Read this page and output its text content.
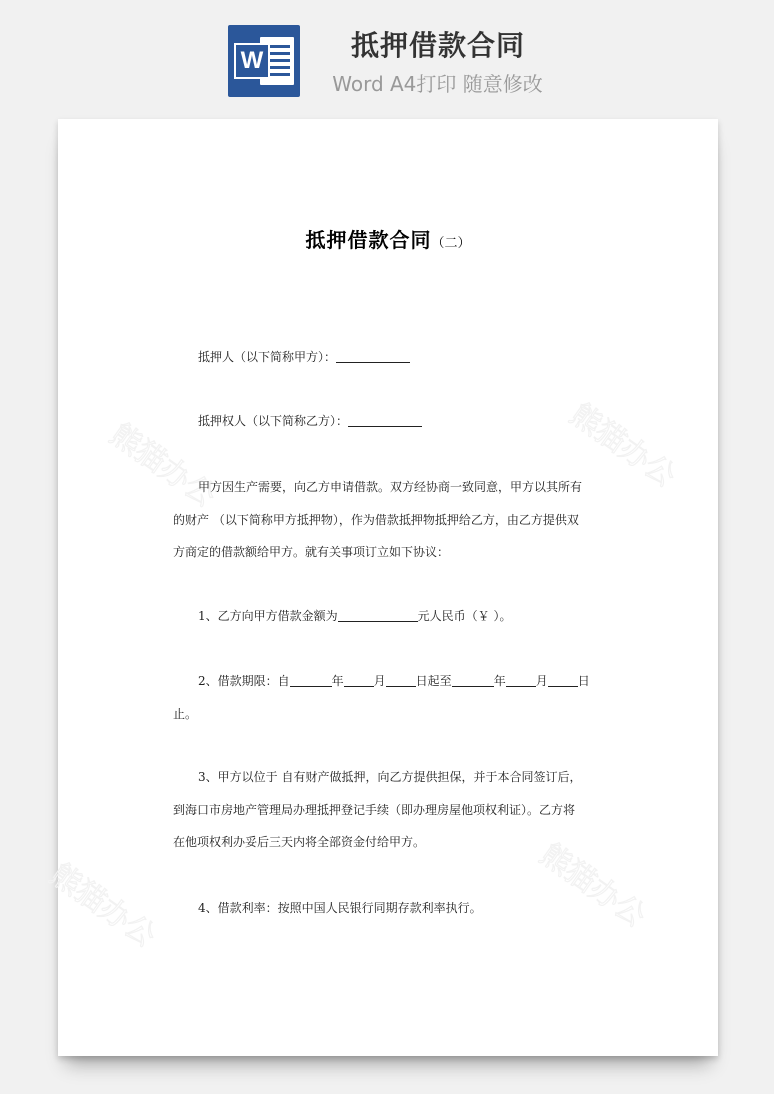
W	抵押借款合同
Word A4打印 随意修改
熊猫办公	熊猫办公
熊猫办公	熊猫办公
抵押借款合同（二）
抵押人（以下简称甲方）：
抵押权人（以下简称乙方）：
甲方因生产需要，向乙方申请借款。双方经协商一致同意，甲方以其所有
的财产 （以下简称甲方抵押物），作为借款抵押物抵押给乙方，由乙方提供双
方商定的借款额给甲方。就有关事项订立如下协议：
1、乙方向甲方借款金额为	元人民币（￥ ）。
2、借款期限：自	年	月	日起至	年	月	日
止。
3、甲方以位于 自有财产做抵押，向乙方提供担保，并于本合同签订后，
到海口市房地产管理局办理抵押登记手续（即办理房屋他项权利证）。乙方将
在他项权利办妥后三天内将全部资金付给甲方。
4、借款利率：按照中国人民银行同期存款利率执行。
